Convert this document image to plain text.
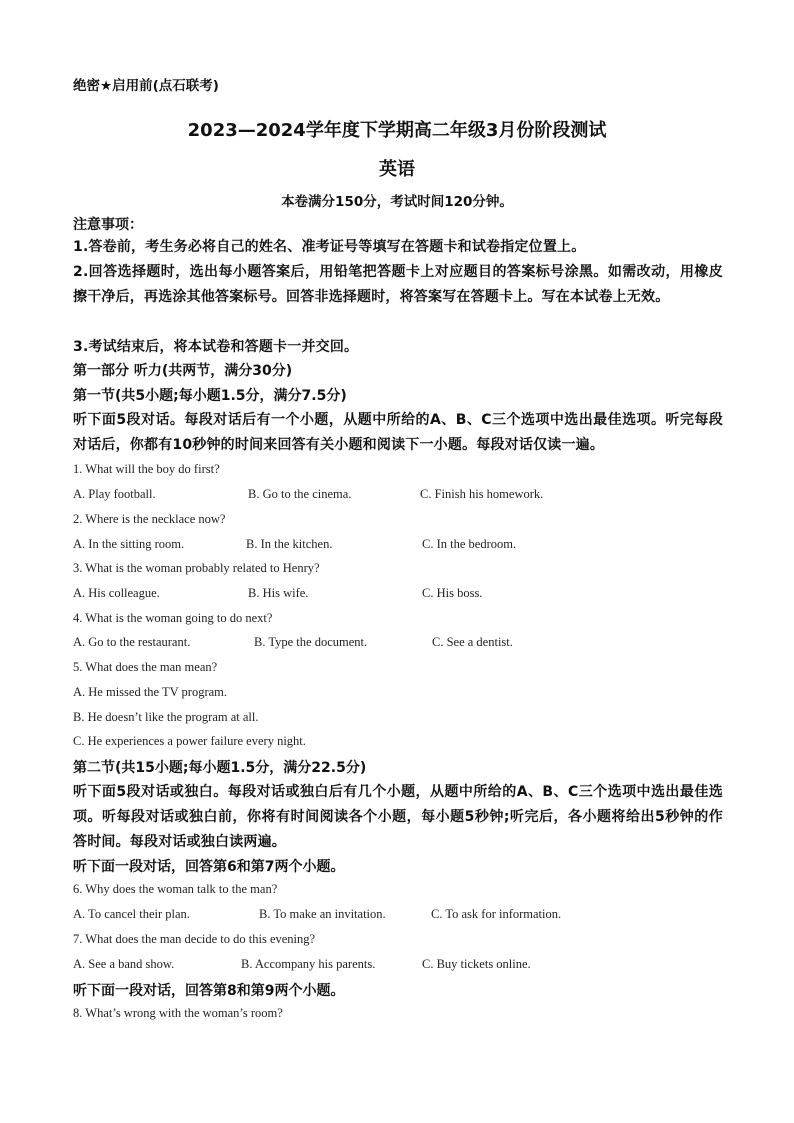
绝密★启用前(点石联考)
2023—2024学年度下学期高二年级3月份阶段测试
英语
本卷满分150分，考试时间120分钟。
注意事项：
1.答卷前，考生务必将自己的姓名、准考证号等填写在答题卡和试卷指定位置上。
2.回答选择题时，选出每小题答案后，用铅笔把答题卡上对应题目的答案标号涂黑。如需改动，用橡皮擦干净后，再选涂其他答案标号。回答非选择题时，将答案写在答题卡上。写在本试卷上无效。
3.考试结束后，将本试卷和答题卡一并交回。
第一部分 听力(共两节，满分30分)
第一节(共5小题;每小题1.5分，满分7.5分)
听下面5段对话。每段对话后有一个小题，从题中所给的A、B、C三个选项中选出最佳选项。听完每段对话后，你都有10秒钟的时间来回答有关小题和阅读下一小题。每段对话仅读一遍。
1. What will the boy do first?
A. Play football.	B. Go to the cinema.	C. Finish his homework.
2. Where is the necklace now?
A. In the sitting room.	B. In the kitchen.	C. In the bedroom.
3. What is the woman probably related to Henry?
A. His colleague.	B. His wife.	C. His boss.
4. What is the woman going to do next?
A. Go to the restaurant.	B. Type the document.	C. See a dentist.
5. What does the man mean?
A. He missed the TV program.
B. He doesn’t like the program at all.
C. He experiences a power failure every night.
第二节(共15小题;每小题1.5分，满分22.5分)
听下面5段对话或独白。每段对话或独白后有几个小题，从题中所给的A、B、C三个选项中选出最佳选项。听每段对话或独白前，你将有时间阅读各个小题，每小题5秒钟;听完后，各小题将给出5秒钟的作答时间。每段对话或独白读两遍。
听下面一段对话，回答第6和第7两个小题。
6. Why does the woman talk to the man?
A. To cancel their plan.	B. To make an invitation.	C. To ask for information.
7. What does the man decide to do this evening?
A. See a band show.	B. Accompany his parents.	C. Buy tickets online.
听下面一段对话，回答第8和第9两个小题。
8. What’s wrong with the woman’s room?
